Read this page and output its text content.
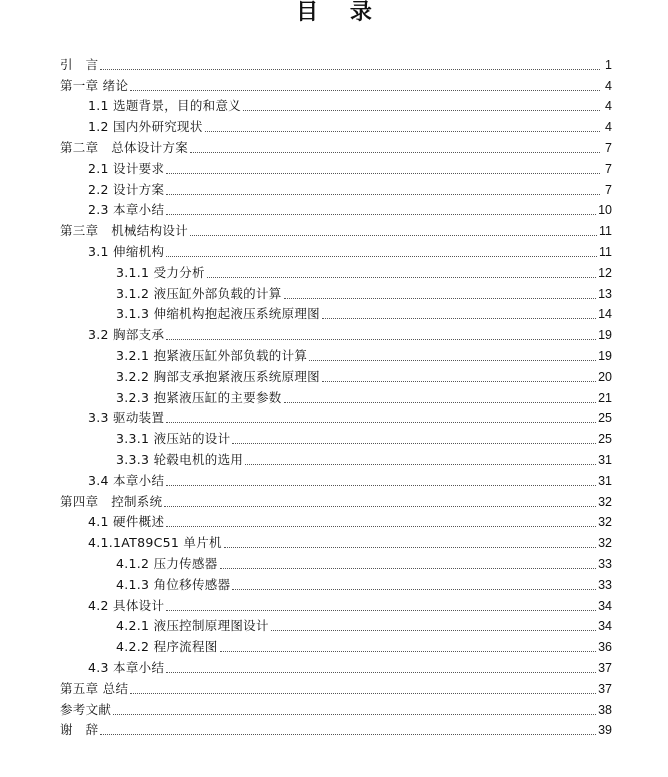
目 录
引　言	1
第一章 绪论	4
1.1 选题背景，目的和意义	4
1.2 国内外研究现状	4
第二章　总体设计方案	7
2.1 设计要求	7
2.2 设计方案	7
2.3 本章小结	10
第三章　机械结构设计	11
3.1 伸缩机构	11
3.1.1 受力分析	12
3.1.2 液压缸外部负载的计算	13
3.1.3 伸缩机构抱起液压系统原理图	14
3.2 胸部支承	19
3.2.1 抱紧液压缸外部负载的计算	19
3.2.2 胸部支承抱紧液压系统原理图	20
3.2.3 抱紧液压缸的主要参数	21
3.3 驱动装置	25
3.3.1 液压站的设计	25
3.3.3 轮毂电机的选用	31
3.4 本章小结	31
第四章　控制系统	32
4.1 硬件概述	32
4.1.1AT89C51 单片机	32
4.1.2 压力传感器	33
4.1.3 角位移传感器	33
4.2 具体设计	34
4.2.1 液压控制原理图设计	34
4.2.2 程序流程图	36
4.3 本章小结	37
第五章 总结	37
参考文献	38
谢　辞	39
